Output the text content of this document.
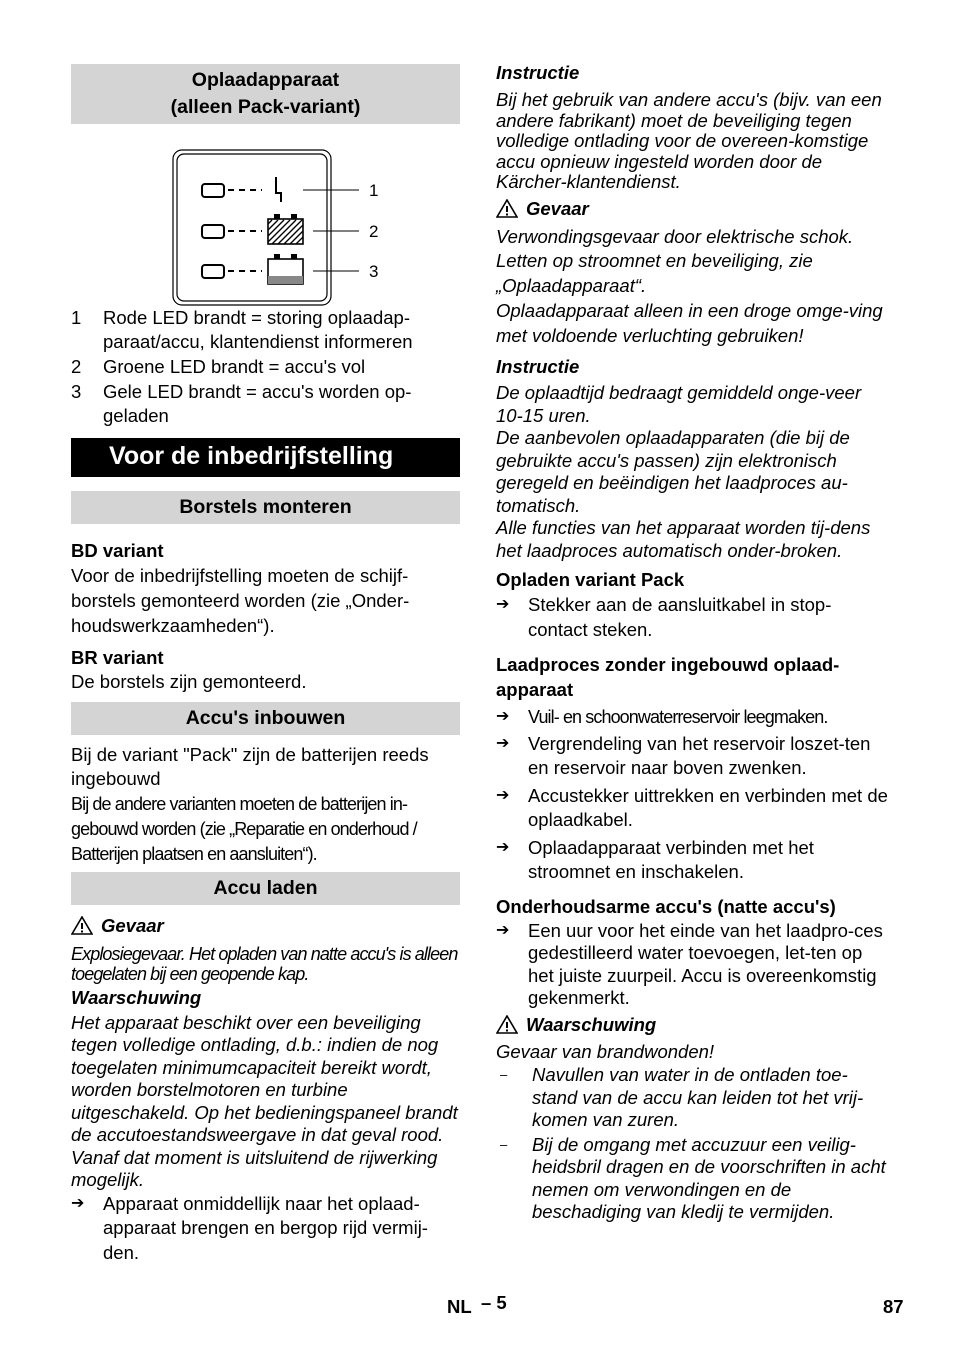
Oplaadapparaat
(alleen Pack-variant)
1
2
3
1	Rode LED brandt = storing oplaadap-paraat/accu, klantendienst informeren
2	Groene LED brandt = accu's vol
3	Gele LED brandt = accu's worden op-geladen
Voor de inbedrijfstelling
Borstels monteren
BD variant
Voor de inbedrijfstelling moeten de schijf-borstels gemonteerd worden (zie „Onder-houdswerkzaamheden“).
BR variant
De borstels zijn gemonteerd.
Accu's inbouwen
Bij de variant "Pack" zijn de batterijen reeds ingebouwd
Bij de andere varianten moeten de batterijen in-gebouwd worden (zie „Reparatie en onderhoud / Batterijen plaatsen en aansluiten“).
Accu laden
Gevaar
Explosiegevaar. Het opladen van natte accu's is alleen toegelaten bij een geopende kap.
Waarschuwing
Het apparaat beschikt over een beveiliging tegen volledige ontlading, d.b.: indien de nog toegelaten minimumcapaciteit bereikt wordt, worden borstelmotoren en turbine uitgeschakeld. Op het bedieningspaneel brandt de accutoestandsweergave in dat geval rood. Vanaf dat moment is uitsluitend de rijwerking mogelijk.
➔	Apparaat onmiddellijk naar het oplaad-apparaat brengen en bergop rijd vermij-den.
Instructie
Bij het gebruik van andere accu's (bijv. van een andere fabrikant) moet de beveiliging tegen volledige ontlading voor de overeen-komstige accu opnieuw ingesteld worden door de Kärcher-klantendienst.
Gevaar
Verwondingsgevaar door elektrische schok. Letten op stroomnet en beveiliging, zie „Oplaadapparaat“.
Oplaadapparaat alleen in een droge omge-ving met voldoende verluchting gebruiken!
Instructie
De oplaadtijd bedraagt gemiddeld onge-veer 10-15 uren.
De aanbevolen oplaadapparaten (die bij de gebruikte accu's passen) zijn elektronisch geregeld en beëindigen het laadproces au-tomatisch.
Alle functies van het apparaat worden tij-dens het laadproces automatisch onder-broken.
Opladen variant Pack
➔	Stekker aan de aansluitkabel in stop-contact steken.
Laadproces zonder ingebouwd oplaad-apparaat
➔	Vuil- en schoonwaterreservoir leegmaken.
➔	Vergrendeling van het reservoir loszet-ten en reservoir naar boven zwenken.
➔	Accustekker uittrekken en verbinden met de oplaadkabel.
➔	Oplaadapparaat verbinden met het stroomnet en inschakelen.
Onderhoudsarme accu's (natte accu's)
➔	Een uur voor het einde van het laadpro-ces gedestilleerd water toevoegen, let-ten op het juiste zuurpeil. Accu is overeenkomstig gekenmerkt.
Waarschuwing
Gevaar van brandwonden!
–	Navullen van water in de ontladen toe-stand van de accu kan leiden tot het vrij-komen van zuren.
–	Bij de omgang met accuzuur een veilig-heidsbril dragen en de voorschriften in acht nemen om verwondingen en de beschadiging van kledij te vermijden.
NL – 5	87
